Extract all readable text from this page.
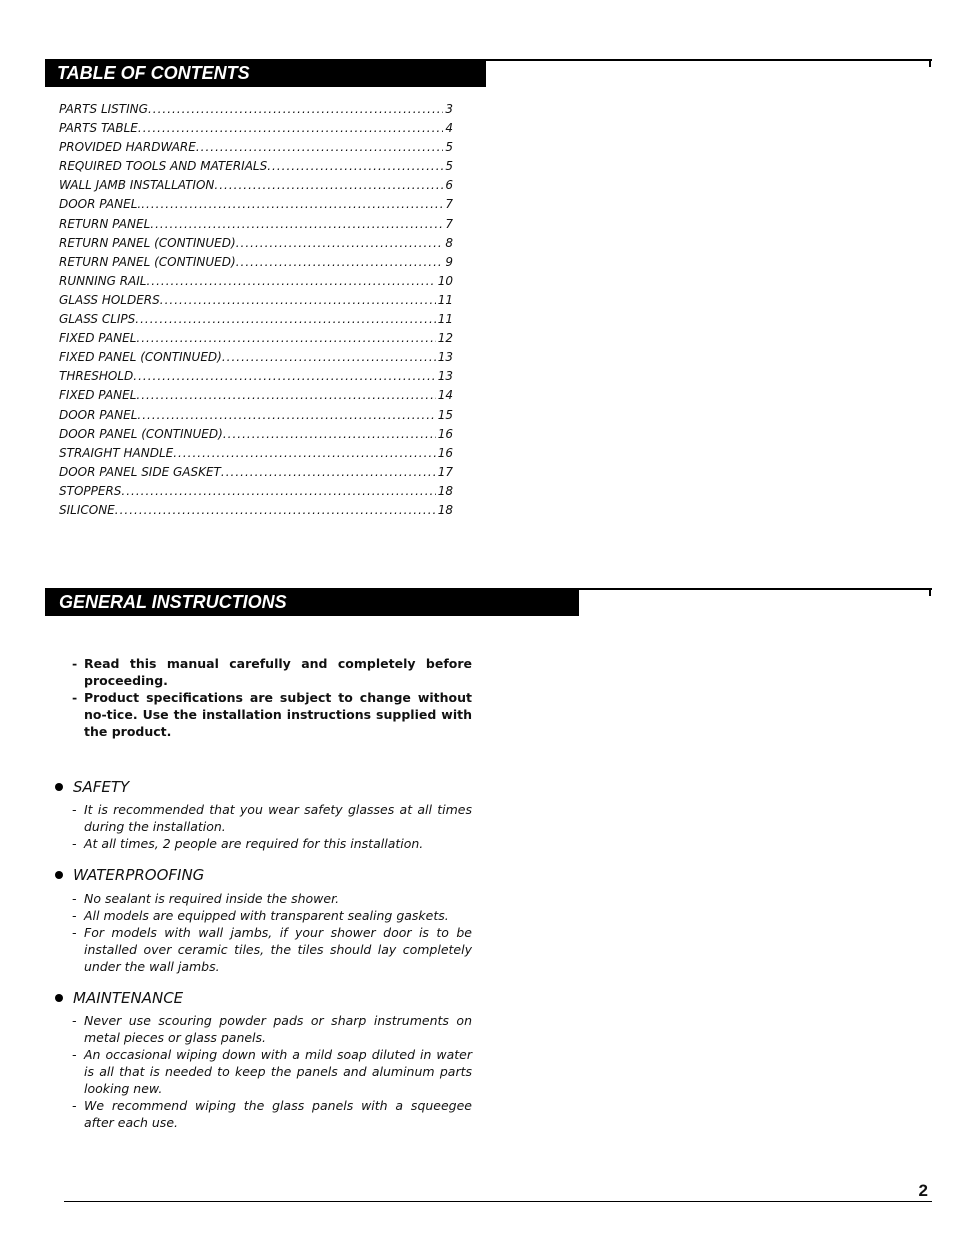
TABLE OF CONTENTS
PARTS LISTING .....	3
PARTS TABLE .....	4
PROVIDED HARDWARE .....	5
REQUIRED TOOLS AND MATERIALS .....	5
WALL JAMB INSTALLATION .....	6
DOOR PANEL. .....	7
RETURN PANEL .....	7
RETURN PANEL (CONTINUED) .....	8
RETURN PANEL (CONTINUED) .....	9
RUNNING RAIL .....	10
GLASS HOLDERS .....	11
GLASS CLIPS .....	11
FIXED PANEL .....	12
FIXED PANEL (CONTINUED) .....	13
THRESHOLD .....	13
FIXED PANEL .....	14
DOOR PANEL .....	15
DOOR PANEL (CONTINUED) .....	16
STRAIGHT HANDLE .....	16
DOOR PANEL SIDE GASKET .....	17
STOPPERS .....	18
SILICONE .....	18
GENERAL INSTRUCTIONS
- Read this manual carefully and completely before proceeding.
- Product specifications are subject to change without no-tice. Use the installation instructions supplied with the product.
SAFETY
- It is recommended that you wear safety glasses at all times during the installation.
- At all times, 2 people are required for this installation.
WATERPROOFING
- No sealant is required inside the shower.
- All models are equipped with transparent sealing gaskets.
- For models with wall jambs, if your shower door is to be installed over ceramic tiles, the tiles should lay completely under the wall jambs.
MAINTENANCE
- Never use scouring powder pads or sharp instruments on metal pieces or glass panels.
- An occasional wiping down with a mild soap diluted in water is all that is needed to keep the panels and aluminum parts looking new.
- We recommend wiping the glass panels with a squeegee after each use.
2
